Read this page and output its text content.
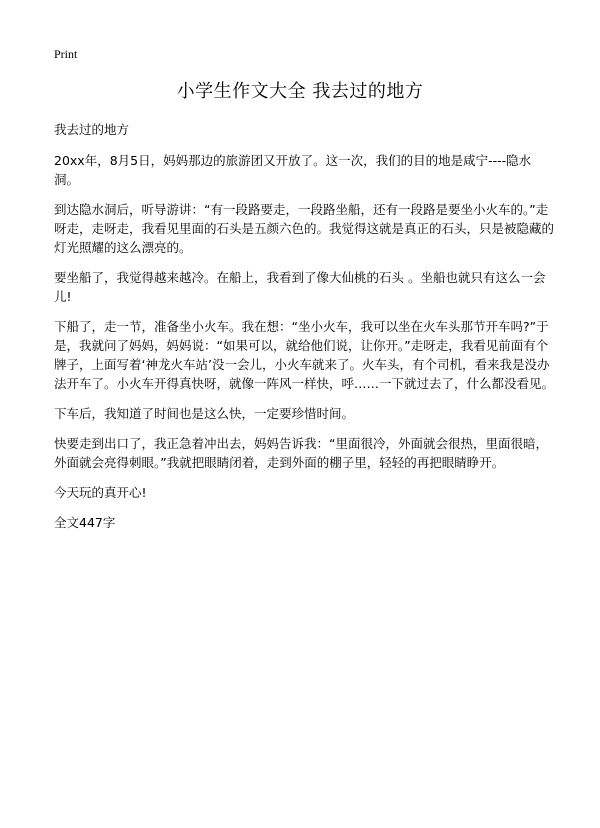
Print
小学生作文大全 我去过的地方

我去过的地方

20xx年，8月5日，妈妈那边的旅游团又开放了。这一次，我们的目的地是咸宁----隐水洞。

到达隐水洞后，听导游讲：“有一段路要走，一段路坐船，还有一段路是要坐小火车的。”走呀走，走呀走，我看见里面的石头是五颜六色的。我觉得这就是真正的石头，只是被隐藏的灯光照耀的这么漂亮的。

要坐船了，我觉得越来越冷。在船上，我看到了像大仙桃的石头 。坐船也就只有这么一会儿!

下船了，走一节，准备坐小火车。我在想：“坐小火车，我可以坐在火车头那节开车吗?”于是，我就问了妈妈，妈妈说：“如果可以，就给他们说，让你开。”走呀走，我看见前面有个牌子，上面写着‘神龙火车站’没一会儿，小火车就来了。火车头，有个司机，看来我是没办法开车了。小火车开得真快呀，就像一阵风一样快，呼……一下就过去了，什么都没看见。

下车后，我知道了时间也是这么快，一定要珍惜时间。

快要走到出口了，我正急着冲出去，妈妈告诉我：“里面很冷，外面就会很热，里面很暗，外面就会亮得刺眼。”我就把眼睛闭着，走到外面的棚子里，轻轻的再把眼睛睁开。

今天玩的真开心!

全文447字
